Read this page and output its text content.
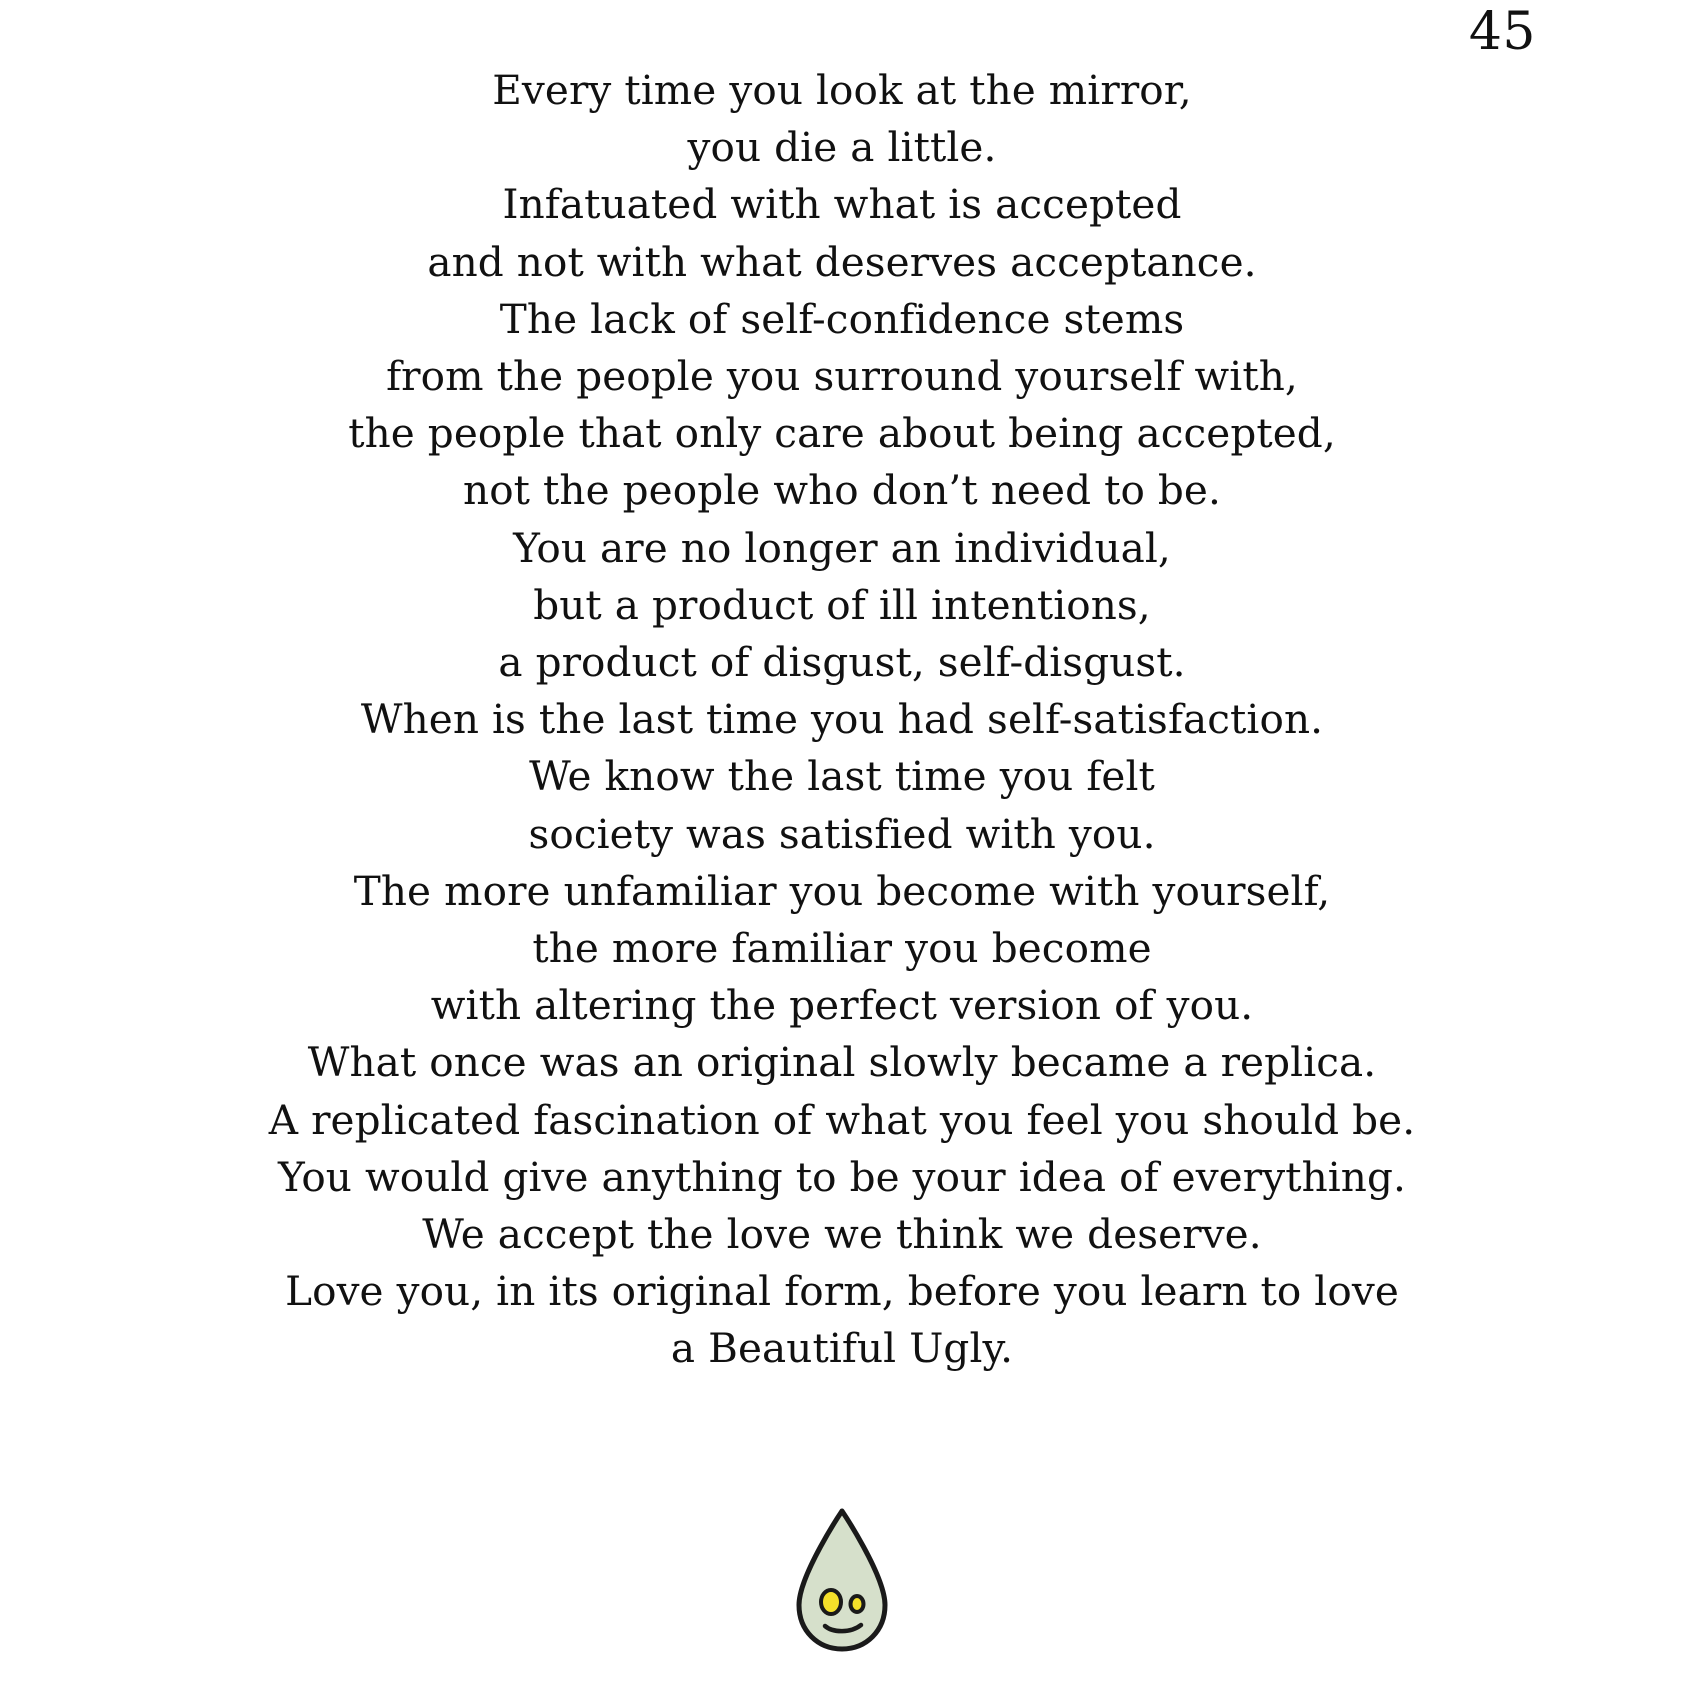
45
Every time you look at the mirror,
you die a little.
Infatuated with what is accepted
and not with what deserves acceptance.
The lack of self-confidence stems
from the people you surround yourself with,
the people that only care about being accepted,
not the people who don’t need to be.
You are no longer an individual,
but a product of ill intentions,
a product of disgust, self-disgust.
When is the last time you had self-satisfaction.
We know the last time you felt
society was satisfied with you.
The more unfamiliar you become with yourself,
the more familiar you become
with altering the perfect version of you.
What once was an original slowly became a replica.
A replicated fascination of what you feel you should be.
You would give anything to be your idea of everything.
We accept the love we think we deserve.
Love you, in its original form, before you learn to love
a Beautiful Ugly.
